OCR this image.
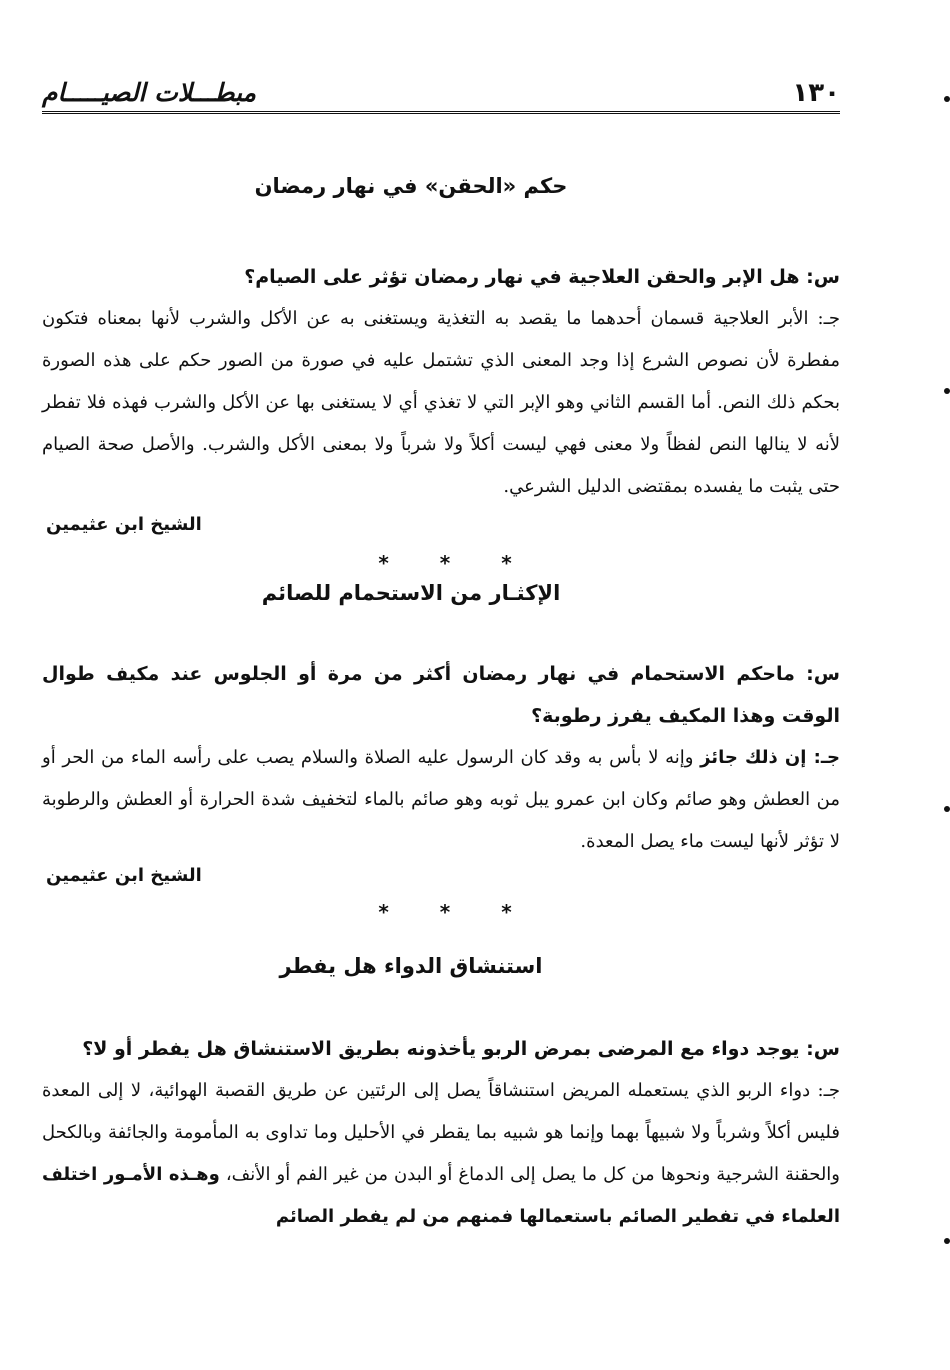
١٣٠
مبطـــلات الصيـــــام
حكم «الحقن» في نهار رمضان

س: هل الإبر والحقن العلاجية في نهار رمضان تؤثر على الصيام؟

جـ: الأبر العلاجية قسمان أحدهما ما يقصد به التغذية ويستغنى به عن الأكل والشرب لأنها بمعناه فتكون مفطرة لأن نصوص الشرع إذا وجد المعنى الذي تشتمل عليه في صورة من الصور حكم على هذه الصورة بحكم ذلك النص. أما القسم الثاني وهو الإبر التي لا تغذي أي لا يستغنى بها عن الأكل والشرب فهذه فلا تفطر لأنه لا ينالها النص لفظاً ولا معنى فهي ليست أكلاً ولا شرباً ولا بمعنى الأكل والشرب. والأصل صحة الصيام حتى يثبت ما يفسده بمقتضى الدليل الشرعي.

الشيخ ابن عثيمين

* * *

الإكثـار من الاستحمام للصائم

س: ماحكم الاستحمام في نهار رمضان أكثر من مرة أو الجلوس عند مكيف طوال الوقت وهذا المكيف يفرز رطوبة؟

جـ: إن ذلك جائز وإنه لا بأس به وقد كان الرسول عليه الصلاة والسلام يصب على رأسه الماء من الحر أو من العطش وهو صائم وكان ابن عمرو يبل ثوبه وهو صائم بالماء لتخفيف شدة الحرارة أو العطش والرطوبة لا تؤثر لأنها ليست ماء يصل المعدة.

الشيخ ابن عثيمين

* * *

استنشاق الدواء هل يفطر

س: يوجد دواء مع المرضى بمرض الربو يأخذونه بطريق الاستنشاق هل يفطر أو لا؟

جـ: دواء الربو الذي يستعمله المريض استنشاقاً يصل إلى الرئتين عن طريق القصبة الهوائية، لا إلى المعدة فليس أكلاً وشرباً ولا شبيهاً بهما وإنما هو شبيه بما يقطر في الأحليل وما تداوى به المأمومة والجائفة وبالكحل والحقنة الشرجية ونحوها من كل ما يصل إلى الدماغ أو البدن من غير الفم أو الأنف، وهـذه الأمـور اختلف العلماء في تفطير الصائم باستعمالها فمنهم من لم يفطر الصائم
